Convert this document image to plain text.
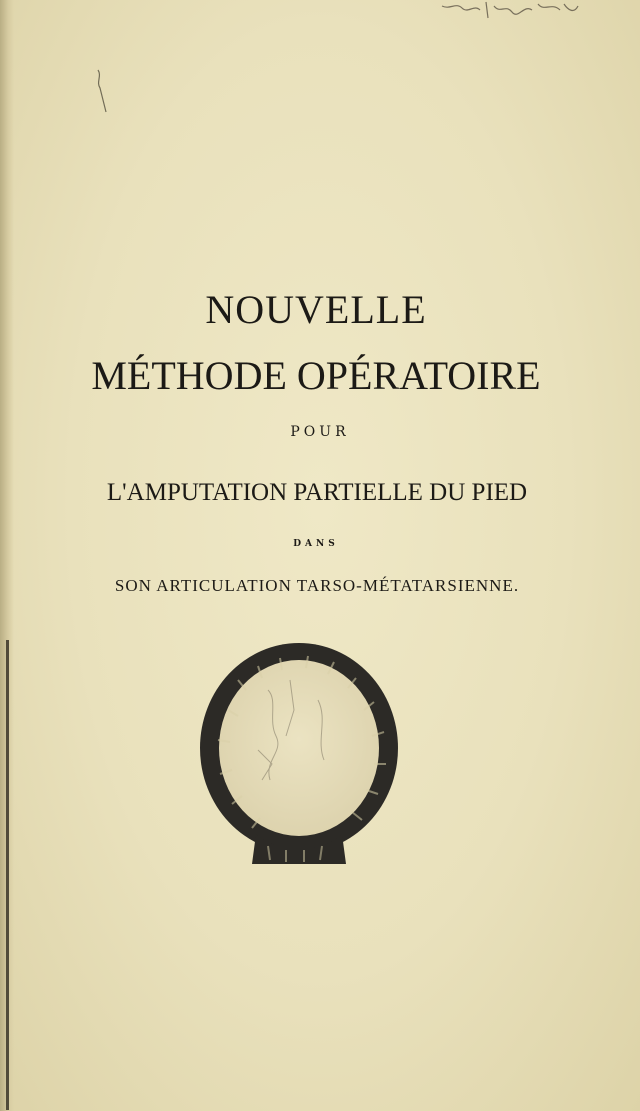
NOUVELLE
MÉTHODE OPÉRATOIRE
POUR
L'AMPUTATION PARTIELLE DU PIED
DANS
SON ARTICULATION TARSO-MÉTATARSIENNE.
